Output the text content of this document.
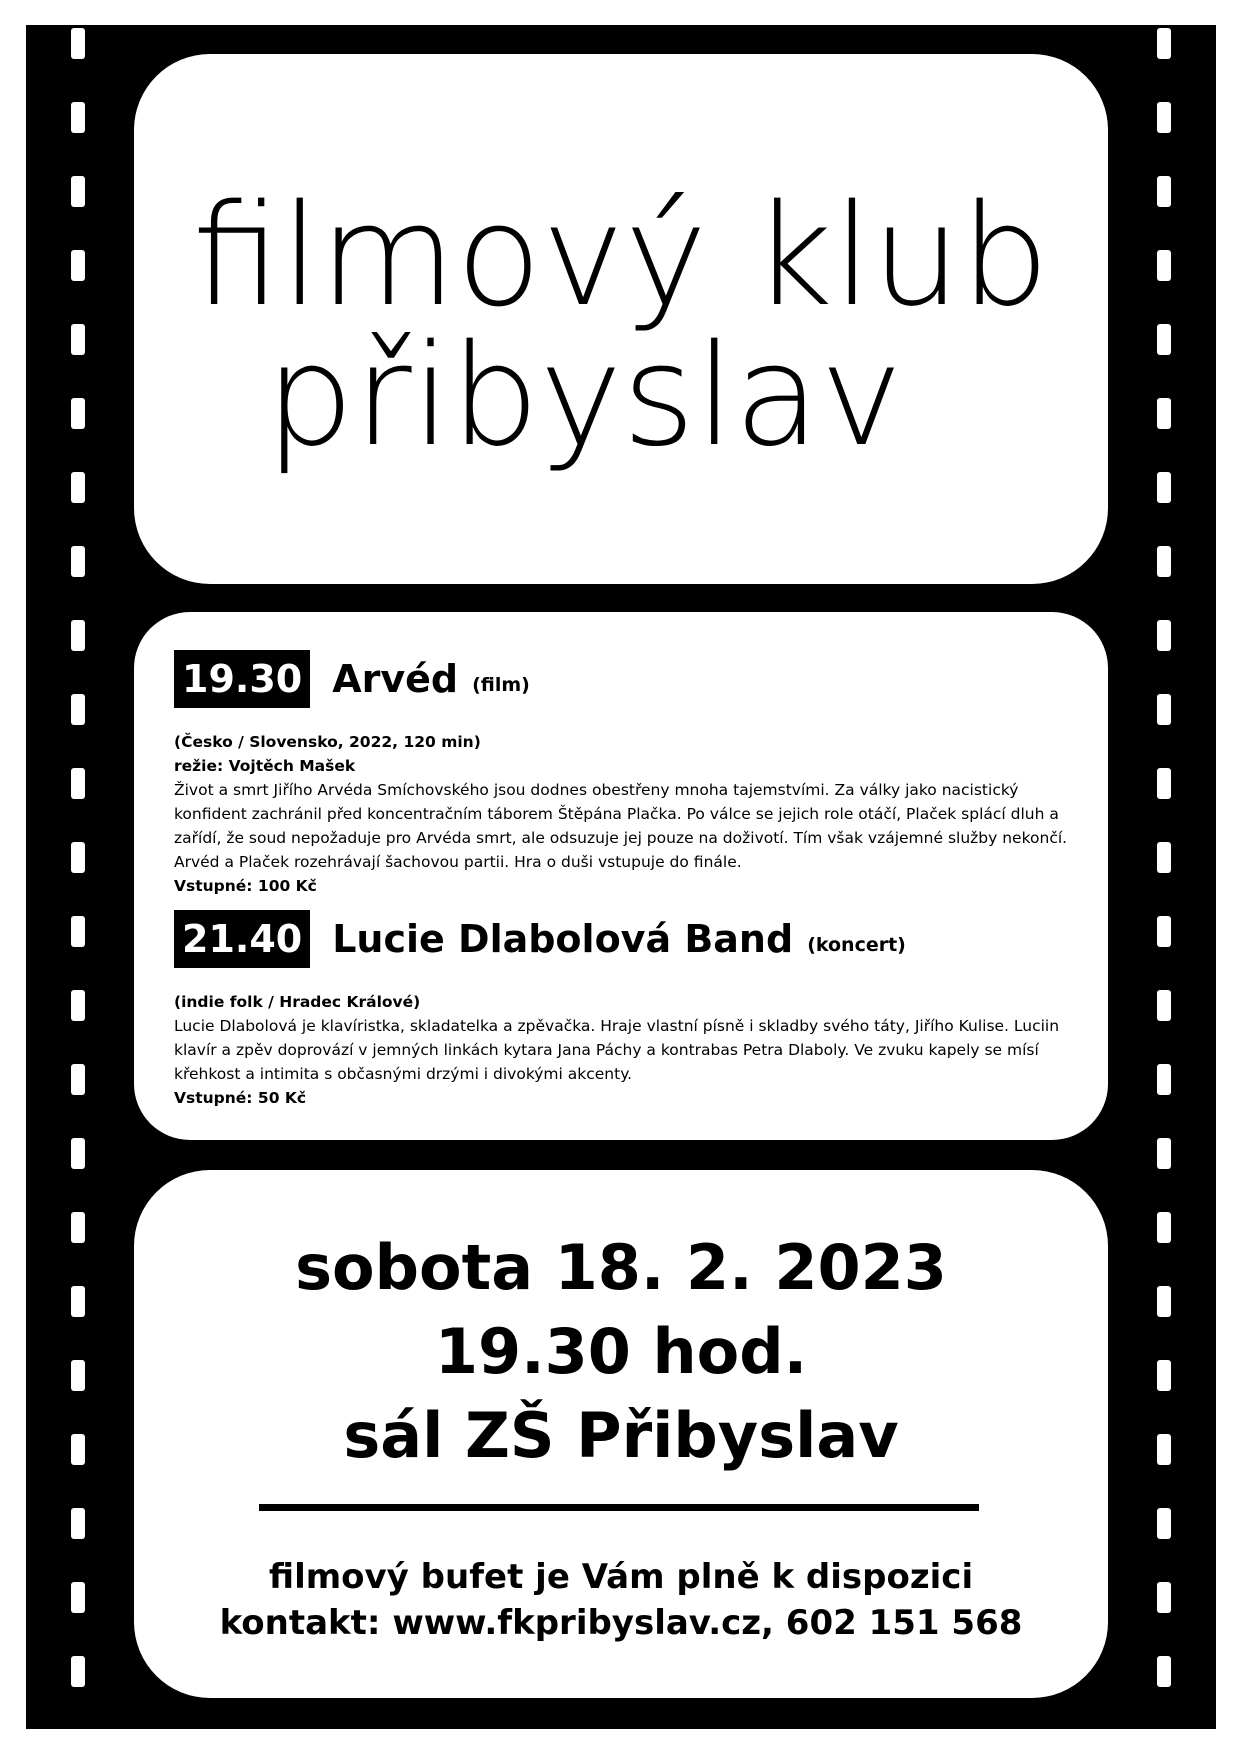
filmový klub
přibyslav
19.30 Arvéd (film)
(Česko / Slovensko, 2022, 120 min)
režie: Vojtěch Mašek
Život a smrt Jiřího Arvéda Smíchovského jsou dodnes obestřeny mnoha tajemstvími. Za války jako nacistický konfident zachránil před koncentračním táborem Štěpána Plačka. Po válce se jejich role otáčí, Plaček splácí dluh a zařídí, že soud nepožaduje pro Arvéda smrt, ale odsuzuje jej pouze na doživotí. Tím však vzájemné služby nekončí. Arvéd a Plaček rozehrávají šachovou partii. Hra o duši vstupuje do finále.
Vstupné: 100 Kč
21.40 Lucie Dlabolová Band (koncert)
(indie folk / Hradec Králové)
Lucie Dlabolová je klavíristka, skladatelka a zpěvačka. Hraje vlastní písně i skladby svého táty, Jiřího Kulise. Luciin klavír a zpěv doprovází v jemných linkách kytara Jana Páchy a kontrabas Petra Dlaboly. Ve zvuku kapely se mísí křehkost a intimita s občasnými drzými i divokými akcenty.
Vstupné: 50 Kč
sobota 18. 2. 2023
19.30 hod.
sál ZŠ Přibyslav
filmový bufet je Vám plně k dispozici
kontakt: www.fkpribyslav.cz, 602 151 568
